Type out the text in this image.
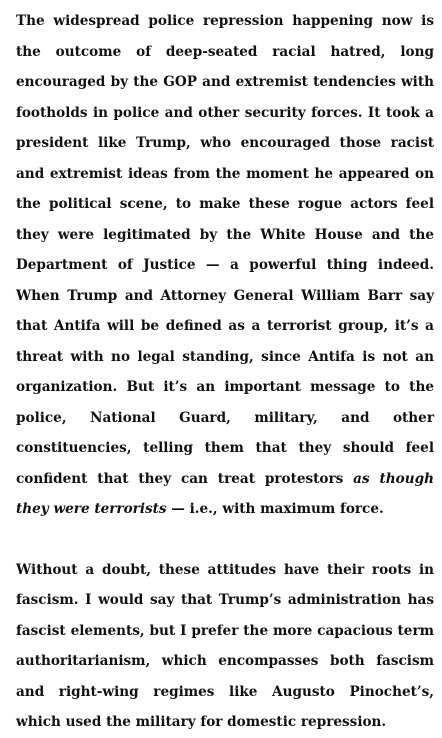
The widespread police repression happening now is the outcome of deep-seated racial hatred, long encouraged by the GOP and extremist tendencies with footholds in police and other security forces. It took a president like Trump, who encouraged those racist and extremist ideas from the moment he appeared on the political scene, to make these rogue actors feel they were legitimated by the White House and the Department of Justice — a powerful thing indeed. When Trump and Attorney General William Barr say that Antifa will be defined as a terrorist group, it’s a threat with no legal standing, since Antifa is not an organization. But it’s an important message to the police, National Guard, military, and other constituencies, telling them that they should feel confident that they can treat protestors as though they were terrorists — i.e., with maximum force.

Without a doubt, these attitudes have their roots in fascism. I would say that Trump’s administration has fascist elements, but I prefer the more capacious term authoritarianism, which encompasses both fascism and right-wing regimes like Augusto Pinochet’s, which used the military for domestic repression.
